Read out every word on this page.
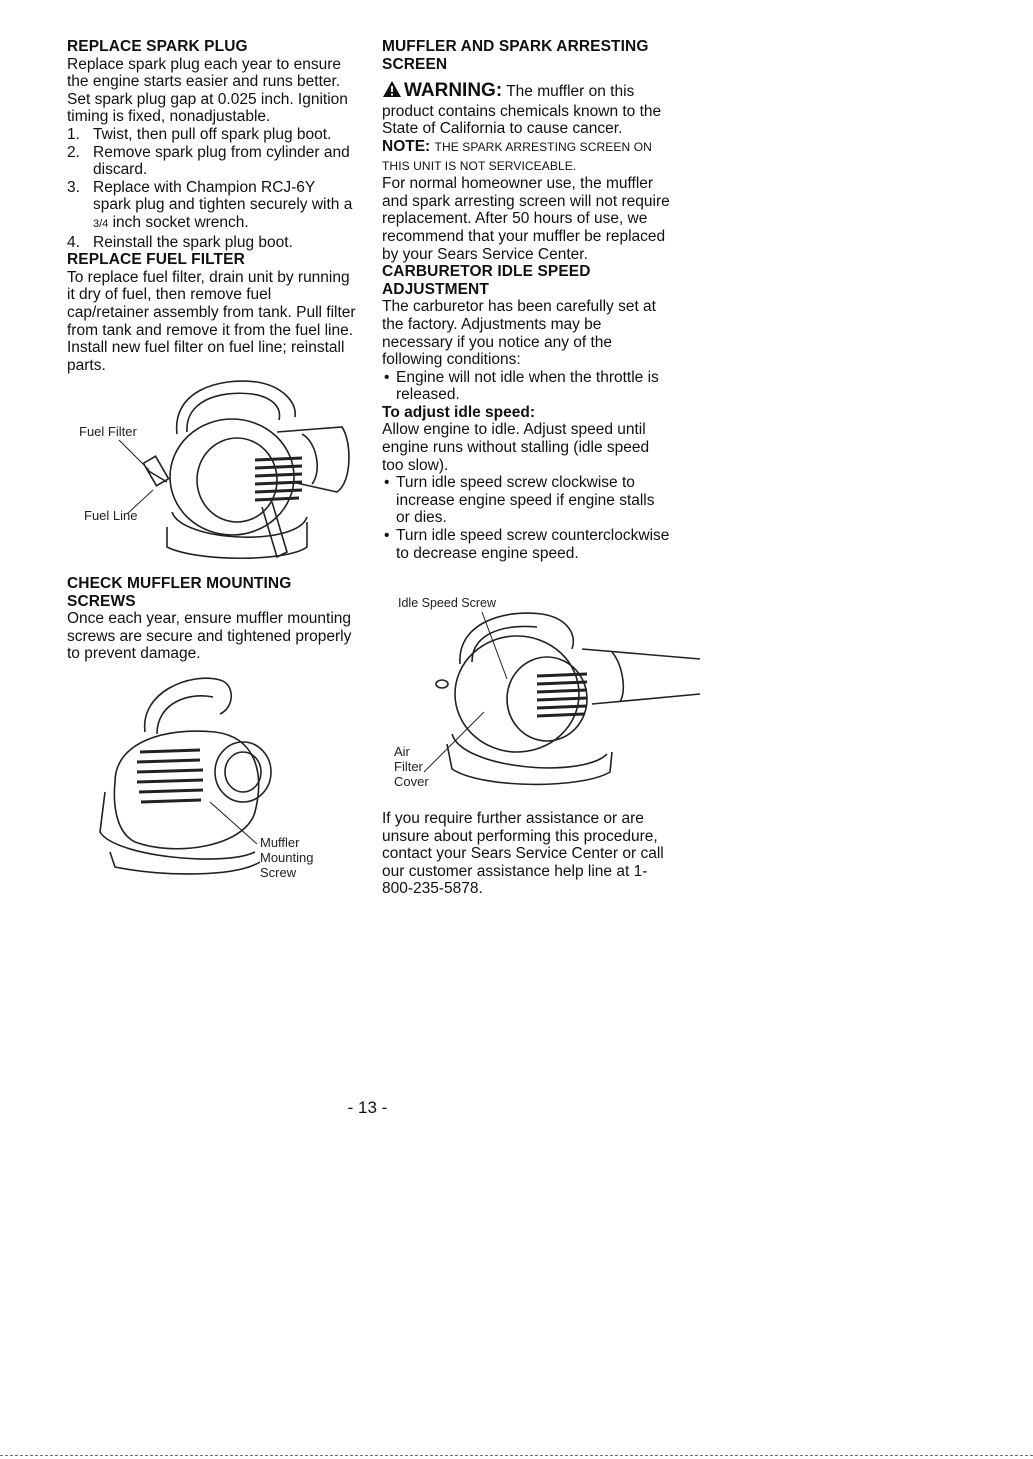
REPLACE SPARK PLUG

Replace spark plug each year to ensure the engine starts easier and runs better. Set spark plug gap at 0.025 inch. Ignition timing is fixed, nonadjustable.

1. Twist, then pull off spark plug boot.
2. Remove spark plug from cylinder and discard.
3. Replace with Champion RCJ-6Y spark plug and tighten securely with a 3/4 inch socket wrench.
4. Reinstall the spark plug boot.
REPLACE FUEL FILTER

To replace fuel filter, drain unit by running it dry of fuel, then remove fuel cap/retainer assembly from tank. Pull filter from tank and remove it from the fuel line. Install new fuel filter on fuel line; reinstall parts.

Fuel Filter
Fuel Line
CHECK MUFFLER MOUNTING
SCREWS

Once each year, ensure muffler mounting screws are secure and tightened properly to prevent damage.

Muffler
Mounting
Screw
MUFFLER AND SPARK ARRESTING
SCREEN
WARNING: The muffler on this product contains chemicals known to the State of California to cause cancer.
NOTE: THE SPARK ARRESTING SCREEN ON THIS UNIT IS NOT SERVICEABLE.

For normal homeowner use, the muffler and spark arresting screen will not require replacement. After 50 hours of use, we recommend that your muffler be replaced by your Sears Service Center.

CARBURETOR IDLE SPEED
ADJUSTMENT

The carburetor has been carefully set at the factory. Adjustments may be necessary if you notice any of the following conditions:

• Engine will not idle when the throttle is released.
To adjust idle speed:

Allow engine to idle. Adjust speed until engine runs without stalling (idle speed too slow).

• Turn idle speed screw clockwise to increase engine speed if engine stalls or dies.
• Turn idle speed screw counterclockwise to decrease engine speed.
Idle Speed Screw
Air
Filter
Cover

If you require further assistance or are unsure about performing this procedure, contact your Sears Service Center or call our customer assistance help line at 1-800-235-5878.

- 13 -
